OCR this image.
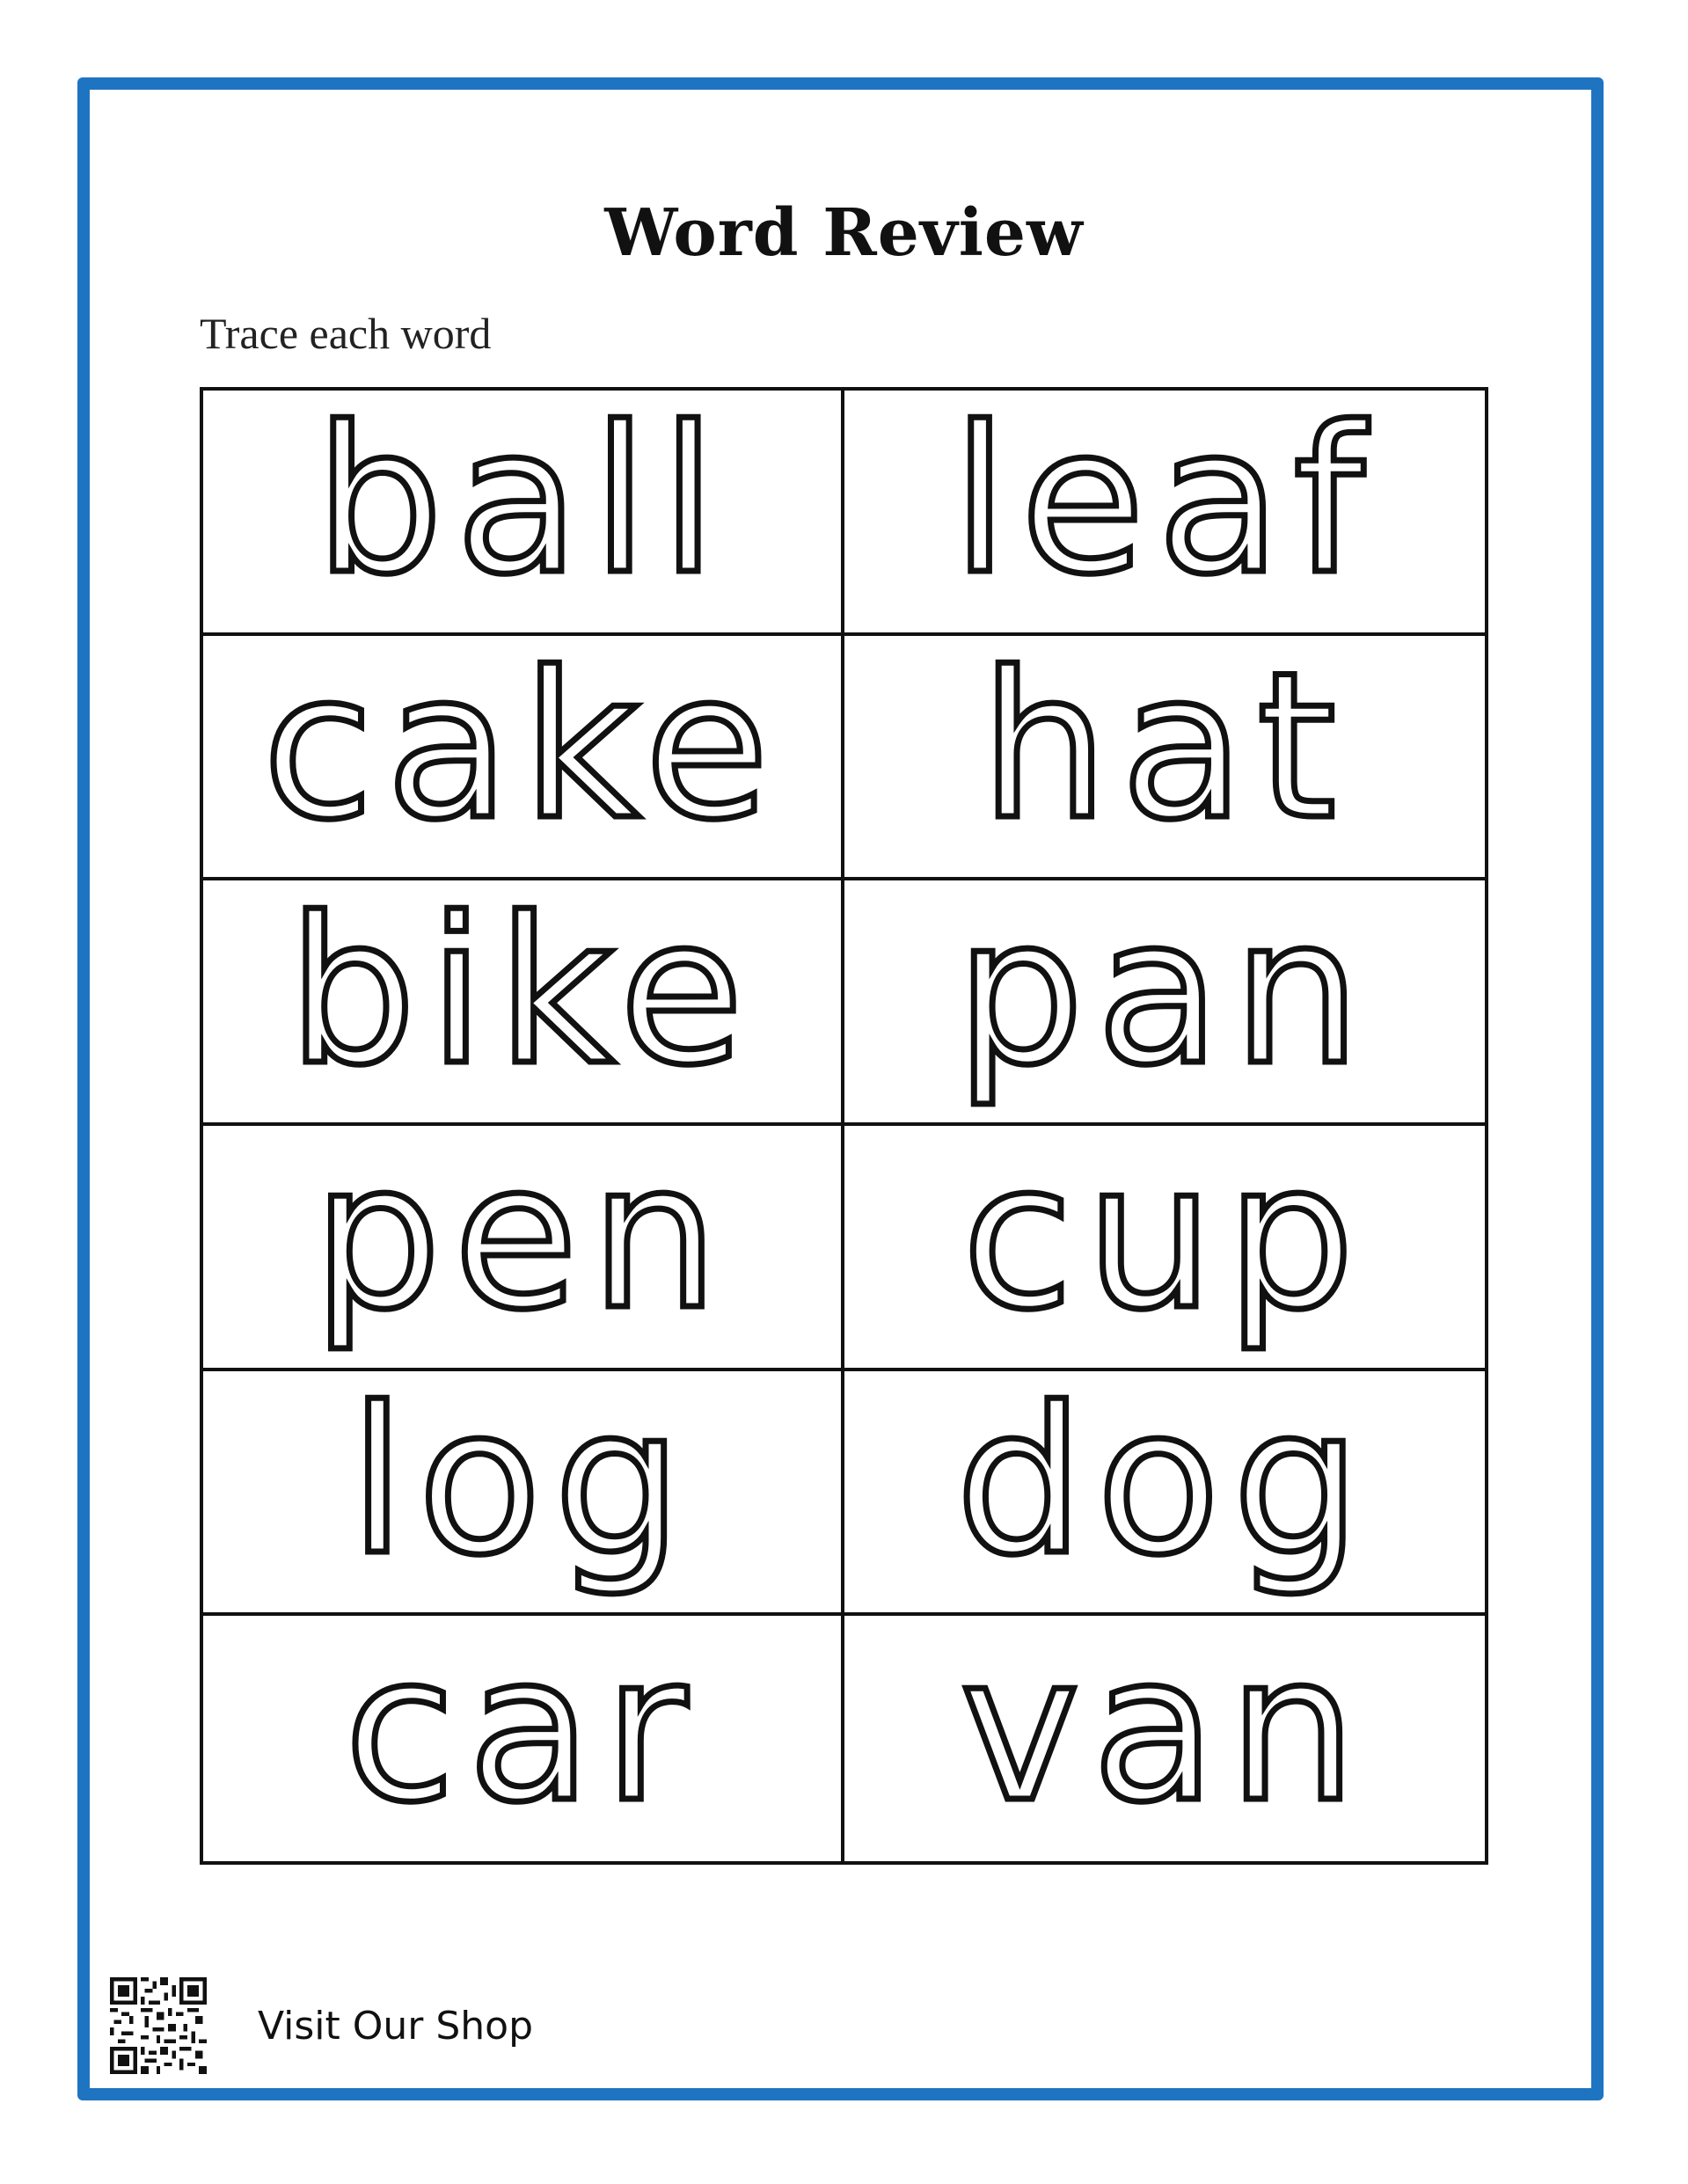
Word Review
Trace each word
ball leaf
cake hat
bike pan
pen cup
log dog
car van
Visit Our Shop
